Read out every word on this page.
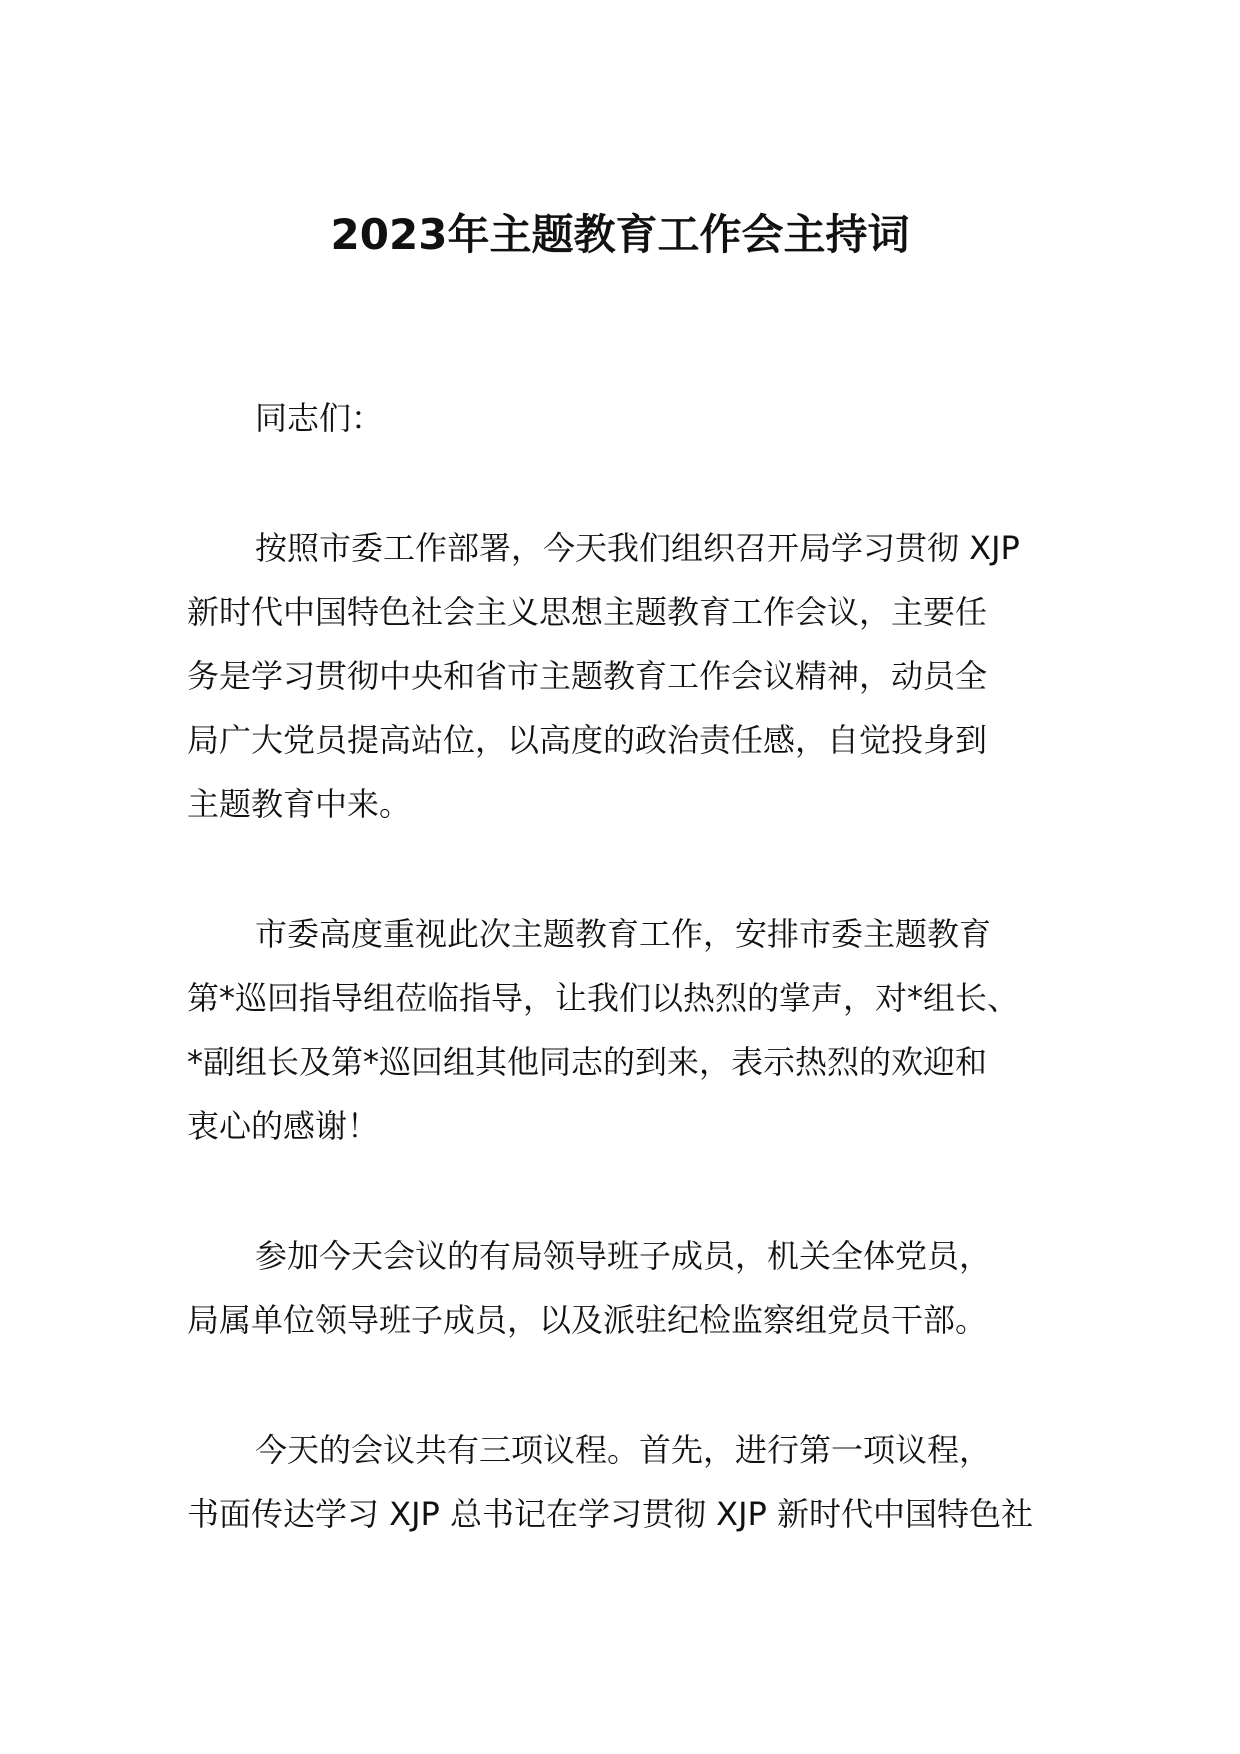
2023年主题教育工作会主持词

同志们：

按照市委工作部署，今天我们组织召开局学习贯彻 XJP
新时代中国特色社会主义思想主题教育工作会议，主要任
务是学习贯彻中央和省市主题教育工作会议精神，动员全
局广大党员提高站位，以高度的政治责任感，自觉投身到
主题教育中来。

市委高度重视此次主题教育工作，安排市委主题教育
第*巡回指导组莅临指导，让我们以热烈的掌声，对*组长、
*副组长及第*巡回组其他同志的到来，表示热烈的欢迎和
衷心的感谢！

参加今天会议的有局领导班子成员，机关全体党员，
局属单位领导班子成员，以及派驻纪检监察组党员干部。

今天的会议共有三项议程。首先，进行第一项议程，
书面传达学习 XJP 总书记在学习贯彻 XJP 新时代中国特色社
